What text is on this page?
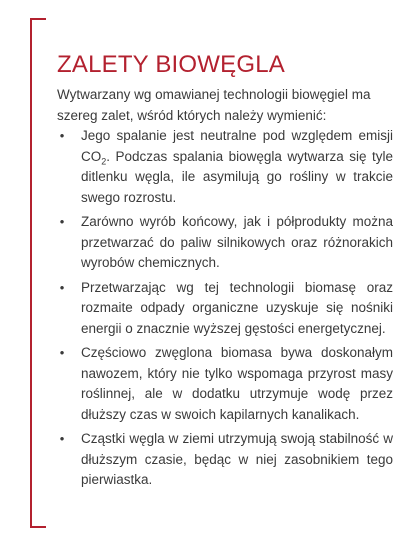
ZALETY BIOWĘGLA

Wytwarzany wg omawianej technologii biowęgiel ma szereg zalet, wśród których należy wymienić:

• Jego spalanie jest neutralne pod względem emisji $CO_2$. Podczas spalania biowęgla wytwarza się tyle ditlenku węgla, ile asymilują go rośliny w trakcie swego rozrostu.
• Zarówno wyrób końcowy, jak i półprodukty można przetwarzać do paliw silnikowych oraz różnorakich wyrobów chemicznych.
• Przetwarzając wg tej technologii biomasę oraz rozmaite odpady organiczne uzyskuje się nośniki energii o znacznie wyższej gęstości energetycznej.
• Częściowo zwęglona biomasa bywa doskonałym nawozem, który nie tylko wspomaga przyrost masy roślinnej, ale w dodatku utrzymuje wodę przez dłuższy czas w swoich kapilarnych kanalikach.
• Cząstki węgla w ziemi utrzymują swoją stabilność w dłuższym czasie, będąc w niej zasobnikiem tego pierwiastka.
